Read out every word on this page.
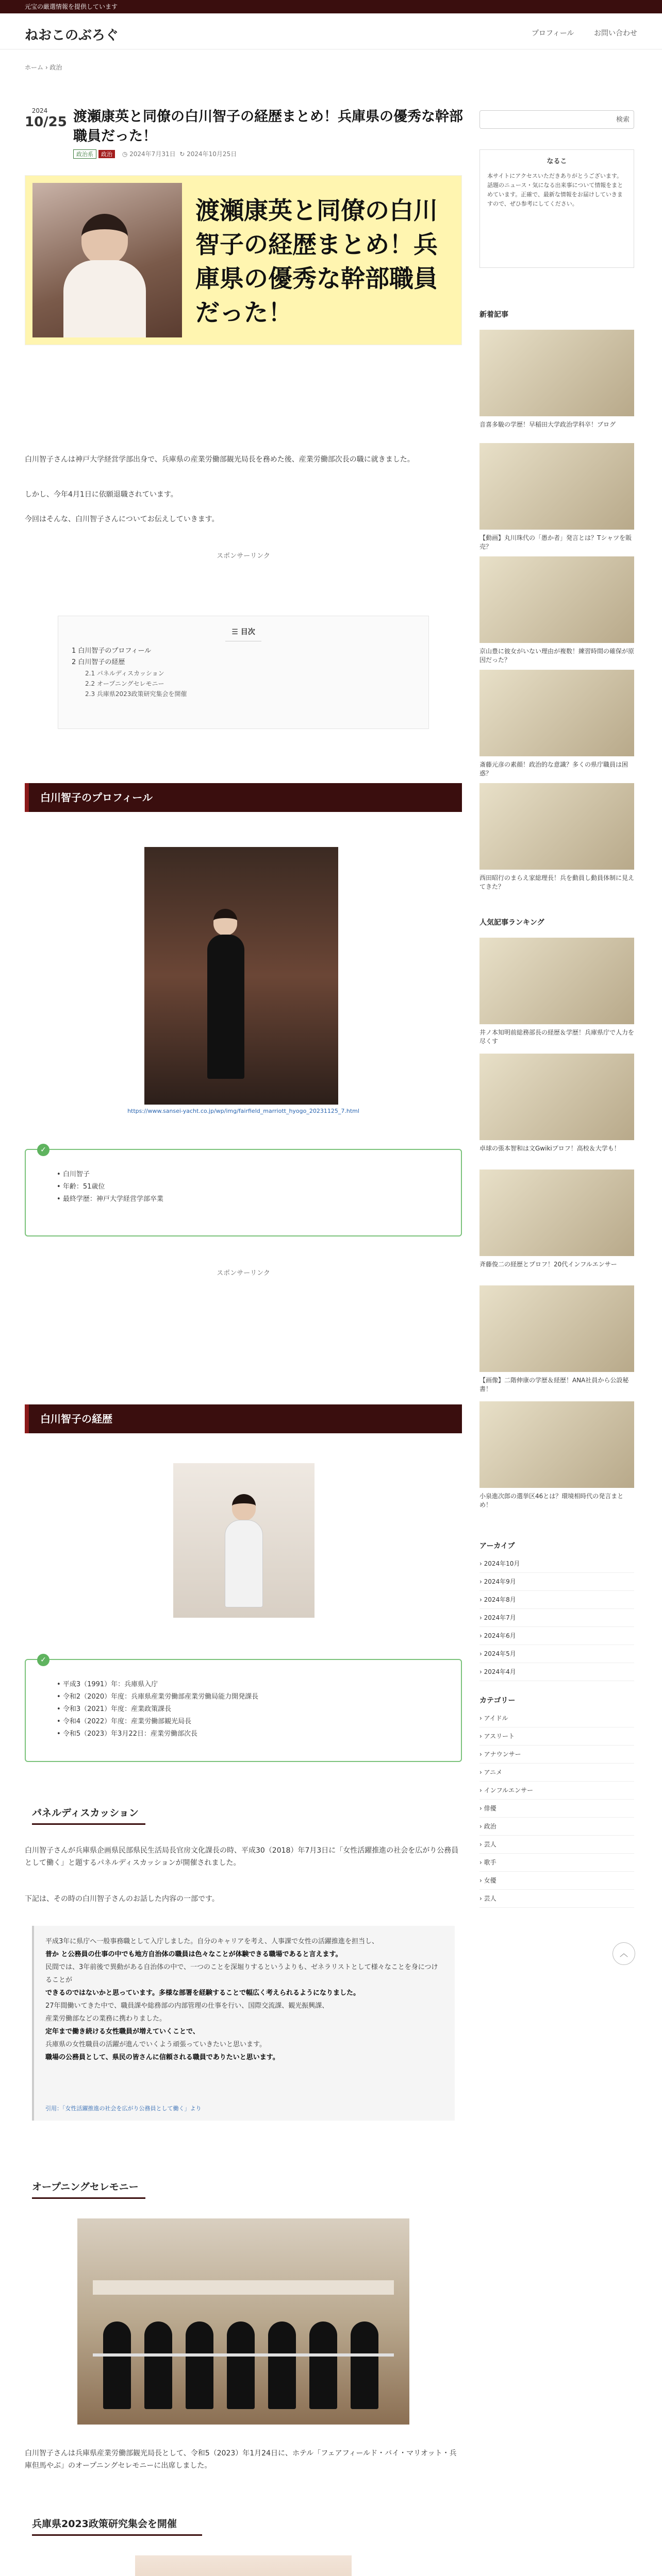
元宝の厳選情報を提供しています
ねおこのぶろぐ	プロフィール	お問い合わせ
ホーム › 政治
2024
10/25 渡瀬康英と同僚の白川智子の経歴まとめ！兵庫県の優秀な幹部職員だった！
政治系 政治 ◷ 2024年7月31日 ↻ 2024年10月25日
渡瀬康英と同僚の白川智子の経歴まとめ！兵庫県の優秀な幹部職員だった！

白川智子さんは神戸大学経営学部出身で、兵庫県の産業労働部観光局長を務めた後、産業労働部次長の職に就きました。

しかし、今年4月1日に依願退職されています。

今回はそんな、白川智子さんについてお伝えしていきます。

スポンサーリンク
☰ 目次
1 白川智子のプロフィール
2 白川智子の経歴
2.1 パネルディスカッション
2.2 オープニングセレモニー
2.3 兵庫県2023政策研究集会を開催
白川智子のプロフィール
https://www.sansei-yacht.co.jp/wp/img/fairfield_marriott_hyogo_20231125_7.html
✓
• 白川智子
• 年齢：51歳位
• 最終学歴：神戸大学経営学部卒業
スポンサーリンク
白川智子の経歴
✓
• 平成3（1991）年：兵庫県入庁
• 令和2（2020）年度：兵庫県産業労働部産業労働局能力開発課長
• 令和3（2021）年度：産業政策課長
• 令和4（2022）年度：産業労働部観光局長
• 令和5（2023）年3月22日：産業労働部次長
パネルディスカッション

白川智子さんが兵庫県企画県民部県民生活局長官房文化課長の時、平成30（2018）年7月3日に「女性活躍推進の社会を広がり公務員として働く」と題するパネルディスカッションが開催されました。

下記は、その時の白川智子さんのお話した内容の一部です。

平成3年に県庁へ一般事務職として入庁しました。自分のキャリアを考え、人事課で女性の活躍推進を担当し、
普か と公務員の仕事の中でも地方自治体の職員は色々なことが体験できる職場であると言えます。
民間では、3年前後で異動がある自治体の中で、一つのことを深堀りするというよりも、ゼネラリストとして様々なことを身につけることが
できるのではないかと思っています。多様な部署を経験することで幅広く考えられるようになりました。
27年間働いてきた中で、職員課や総務部の内部管理の仕事を行い、国際交流課、観光振興課、
産業労働部などの業務に携わりました。
定年まで働き続ける女性職員が増えていくことで、
兵庫県の女性職員の活躍が進んでいくよう頑張っていきたいと思います。
職場の公務員として、県民の皆さんに信頼される職員でありたいと思います。
引用：「女性活躍推進の社会を広がり公務員として働く」より
オープニングセレモニー

白川智子さんは兵庫県産業労働部観光局長として、令和5（2023）年1月24日に、ホテル「フェアフィールド・バイ・マリオット・兵庫但馬やぶ」のオープニングセレモニーに出席しました。

兵庫県2023政策研究集会を開催

検索
なるこ
本サイトにアクセスいただきありがとうございます。話題のニュース・気になる出来事について情報をまとめています。正確で、最新な情報をお届けしていきますので、ぜひ参考にしてください。
新着記事
音喜多駿の学歴！早稲田大学政治学科卒！ブログ
【動画】丸川珠代の「愚か者」発言とは？Tシャツを販売？
京山豊に彼女がいない理由が複数！練習時間の確保が原因だった？
斎藤元彦の素顔！政治的な意識？多くの県庁職員は困惑？
西田昭行のまらえ家総理長！兵を動員し動員体制に見えてきた？
人気記事ランキング
井ノ本知明前総務部長の経歴＆学歴！兵庫県庁で人力を尽くす
卓球の張本智和は文Gwikiプロフ！高校＆大学も！
斉藤俊二の経歴とプロフ！20代インフルエンサー
【画像】二階伸康の学歴＆経歴！ANA社員から公設秘書！
小泉進次郎の選挙区46とは？環境相時代の発言まとめ！
アーカイブ
› 2024年10月
› 2024年9月
› 2024年8月
› 2024年7月
› 2024年6月
› 2024年5月
› 2024年4月
カテゴリー
› アイドル
› アスリート
› アナウンサー
› アニメ
› インフルエンサー
› 俳優
› 政治
› 芸人
› 歌手
› 女優
› 芸人
︿
